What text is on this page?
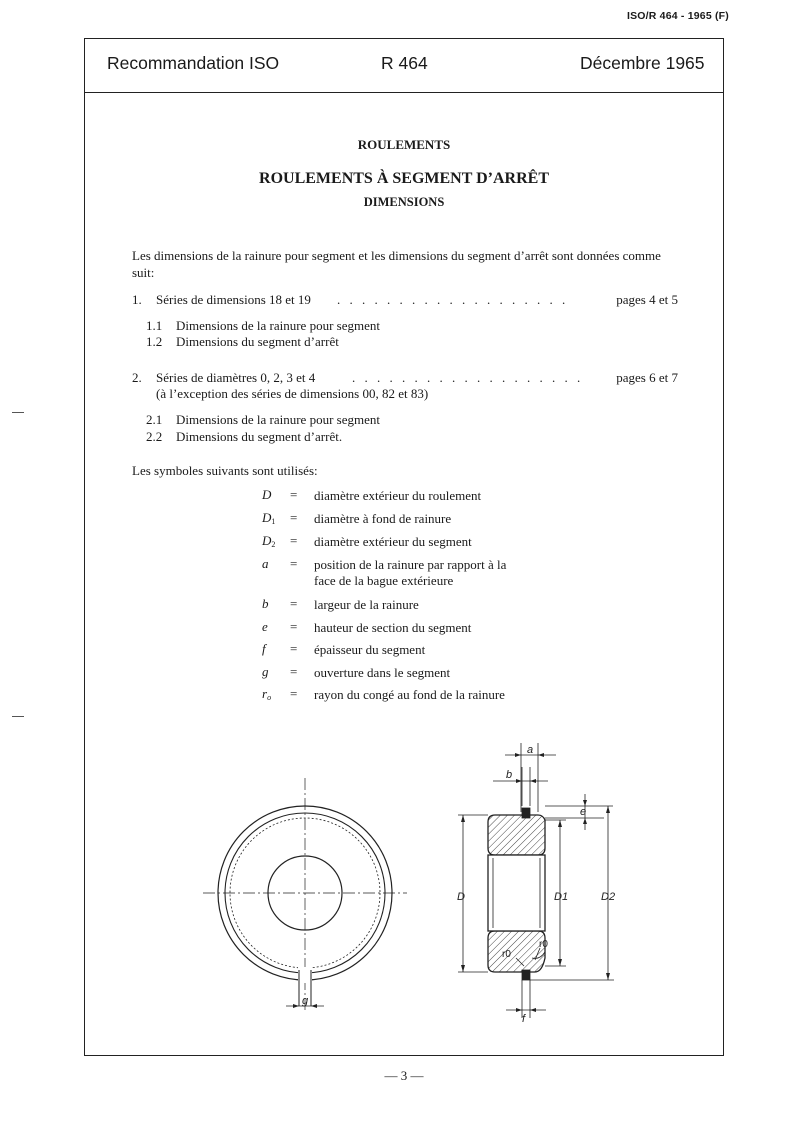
ISO/R 464 - 1965 (F)
Recommandation ISO	R 464	Décembre 1965
ROULEMENTS
ROULEMENTS À SEGMENT D’ARRÊT
DIMENSIONS
Les dimensions de la rainure pour segment et les dimensions du segment d’arrêt sont données comme suit:
1. Séries de dimensions 18 et 19 . . . . . . . . . . . . . . . . . . .	pages 4 et 5
1.1 Dimensions de la rainure pour segment
1.2 Dimensions du segment d’arrêt
2. Séries de diamètres 0, 2, 3 et 4	. . . . . . . . . . . . . . . . . . .	pages 6 et 7
(à l’exception des séries de dimensions 00, 82 et 83)
2.1 Dimensions de la rainure pour segment
2.2 Dimensions du segment d’arrêt.
Les symboles suivants sont utilisés:
D = diamètre extérieur du roulement
$D_1$ = diamètre à fond de rainure
$D_2$ = diamètre extérieur du segment
a = position de la rainure par rapport à la
face de la bague extérieure
b = largeur de la rainure
e = hauteur de section du segment
f = épaisseur du segment
g = ouverture dans le segment
$r_o$ = rayon du congé au fond de la rainure
g
a
b
e
D	D1	D2
r0
r0
f
— 3 —
